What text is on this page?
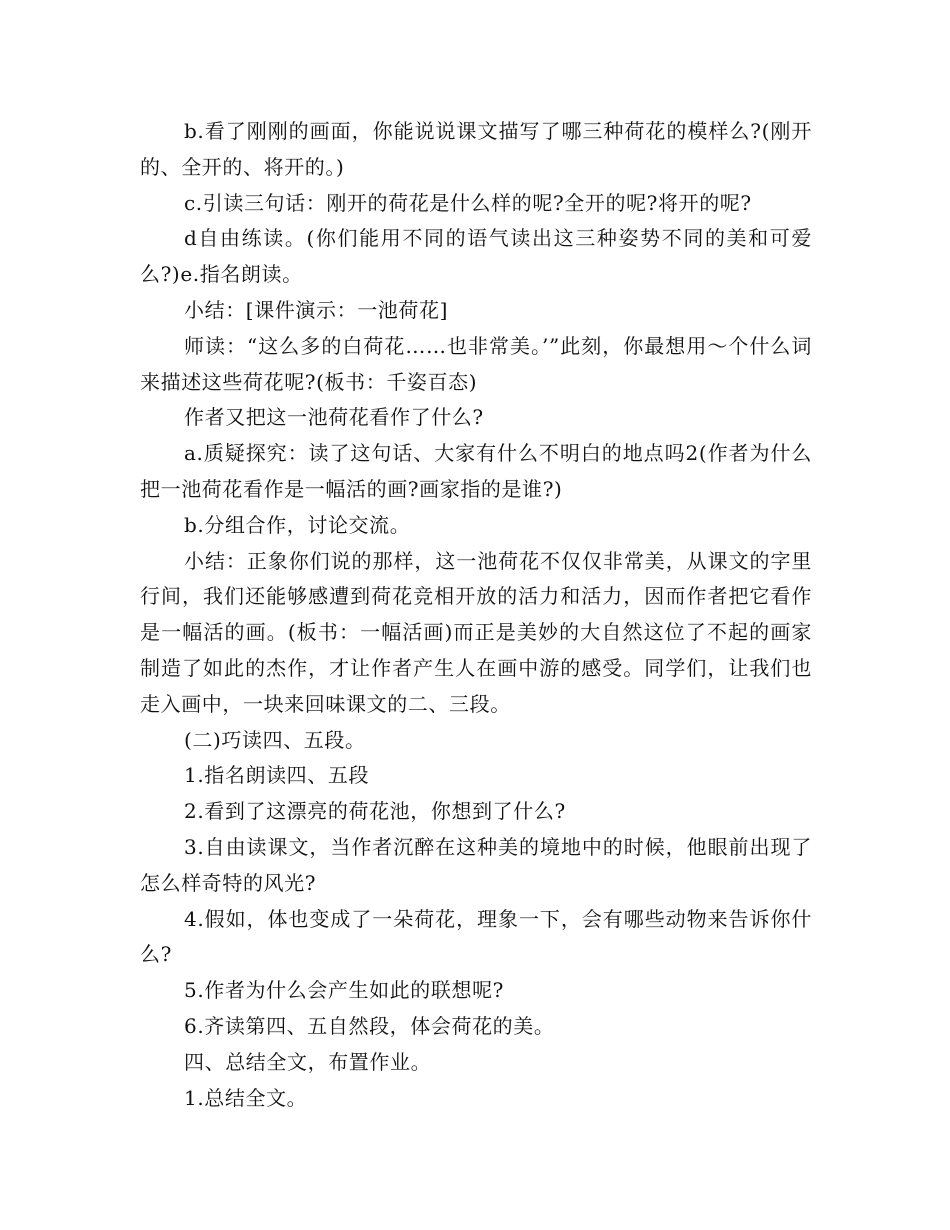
b.看了刚刚的画面，你能说说课文描写了哪三种荷花的模样么?(刚开的、全开的、将开的。)

c.引读三句话：刚开的荷花是什么样的呢?全开的呢?将开的呢?

d自由练读。(你们能用不同的语气读出这三种姿势不同的美和可爱么?)e.指名朗读。

小结：[课件演示：一池荷花]

师读：“这么多的白荷花……也非常美。’”此刻，你最想用～个什么词来描述这些荷花呢?(板书：千姿百态)

作者又把这一池荷花看作了什么?

a.质疑探究：读了这句话、大家有什么不明白的地点吗2(作者为什么把一池荷花看作是一幅活的画?画家指的是谁?)

b.分组合作，讨论交流。

小结：正象你们说的那样，这一池荷花不仅仅非常美，从课文的字里行间，我们还能够感遭到荷花竞相开放的活力和活力，因而作者把它看作是一幅活的画。(板书：一幅活画)而正是美妙的大自然这位了不起的画家制造了如此的杰作，才让作者产生人在画中游的感受。同学们，让我们也走入画中，一块来回味课文的二、三段。

(二)巧读四、五段。

1.指名朗读四、五段

2.看到了这漂亮的荷花池，你想到了什么?

3.自由读课文，当作者沉醉在这种美的境地中的时候，他眼前出现了怎么样奇特的风光?

4.假如，体也变成了一朵荷花，理象一下，会有哪些动物来告诉你什么?

5.作者为什么会产生如此的联想呢?

6.齐读第四、五自然段，体会荷花的美。

四、总结全文，布置作业。

1.总结全文。
